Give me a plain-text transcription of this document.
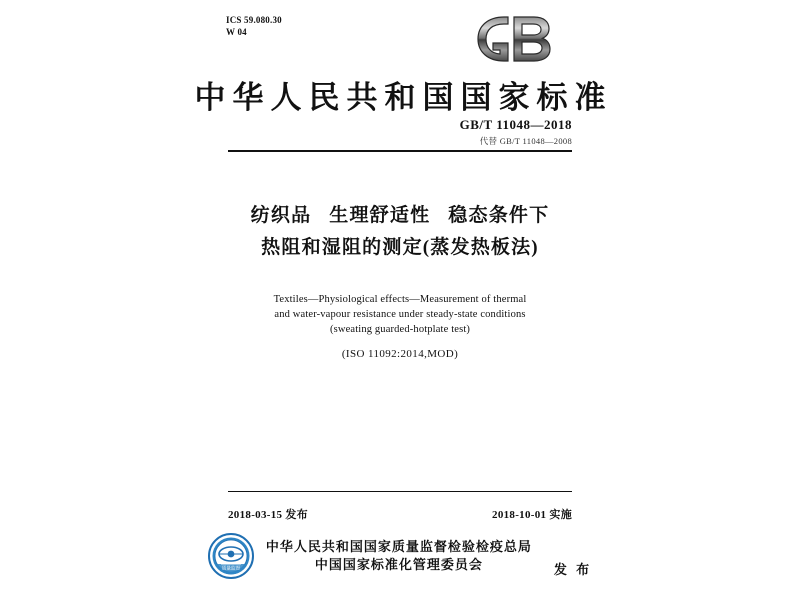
ICS 59.080.30
W 04
中华人民共和国国家标准
GB/T 11048—2018
代替 GB/T 11048—2008
纺织品 生理舒适性 稳态条件下
热阻和湿阻的测定(蒸发热板法)
Textiles—Physiological effects—Measurement of thermal
and water-vapour resistance under steady-state conditions
(sweating guarded-hotplate test)
(ISO 11092:2014,MOD)
2018-03-15 发布	2018-10-01 实施
质量监督
中华人民共和国国家质量监督检验检疫总局
中国国家标准化管理委员会	发 布
